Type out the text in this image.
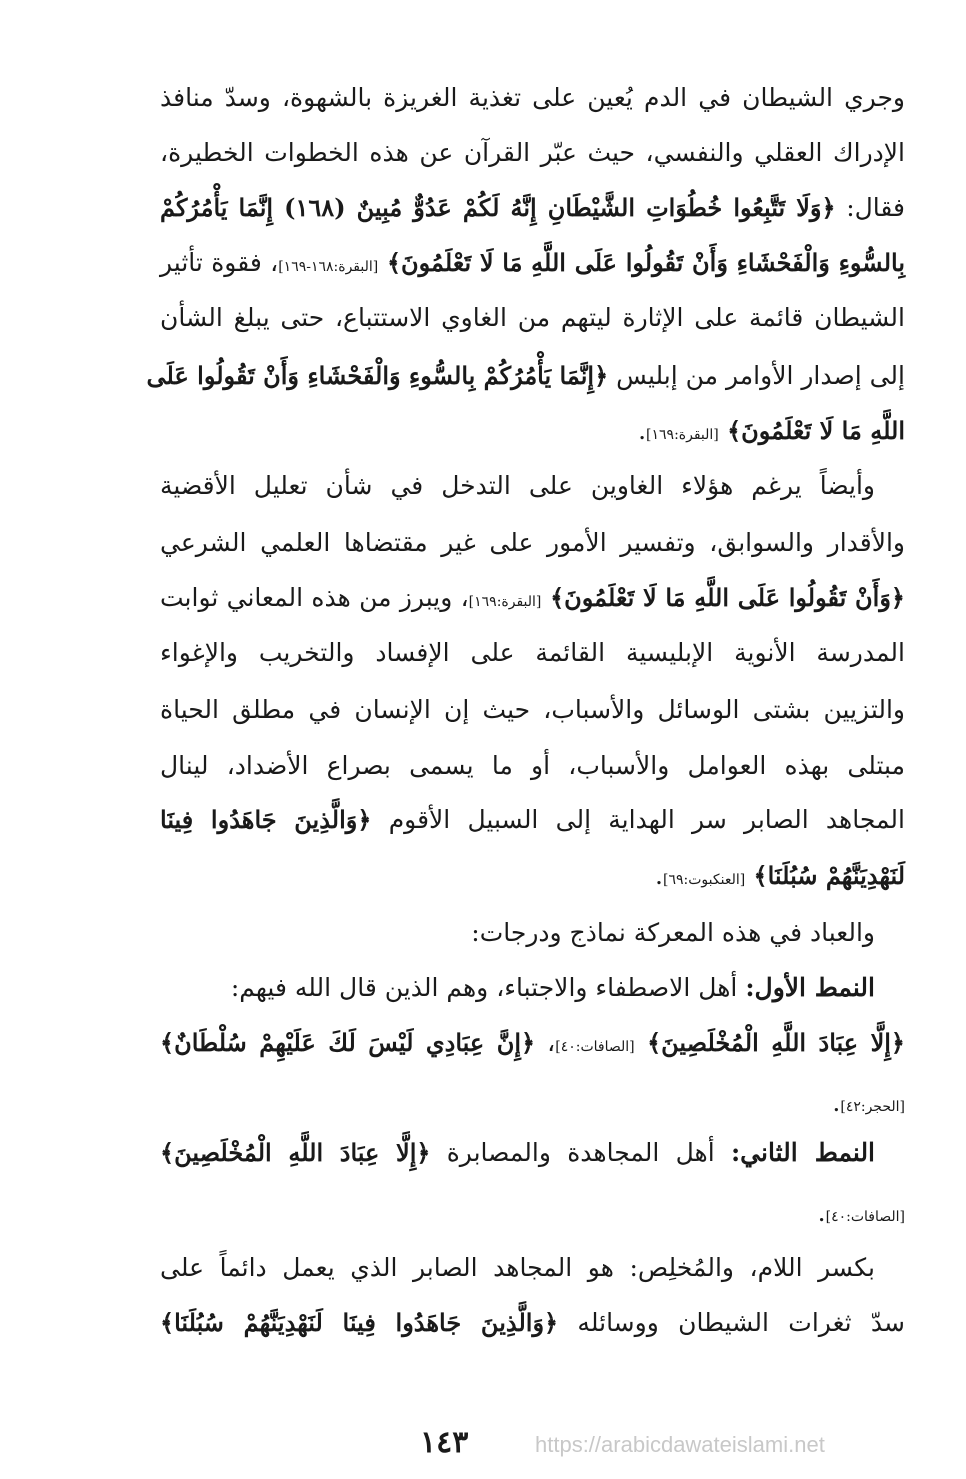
١٤٣	https://arabicdawateislami.net
وجري الشيطان في الدم يُعين على تغذية الغريزة بالشهوة، وسدّ منافذ
الإدراك العقلي والنفسي، حيث عبّر القرآن عن هذه الخطوات الخطيرة،
فقال: ﴿وَلَا تَتَّبِعُوا خُطُوَاتِ الشَّيْطَانِ إِنَّهُ لَكُمْ عَدُوٌّ مُبِينٌ (١٦٨) إِنَّمَا يَأْمُرُكُمْ
بِالسُّوءِ وَالْفَحْشَاءِ وَأَنْ تَقُولُوا عَلَى اللَّهِ مَا لَا تَعْلَمُونَ﴾ [البقرة:١٦٨-١٦٩]، فقوة تأثير
الشيطان قائمة على الإثارة ليتهم من الغاوي الاستتباع، حتى يبلغ الشأن
إلى إصدار الأوامر من إبليس ﴿إِنَّمَا يَأْمُرُكُمْ بِالسُّوءِ وَالْفَحْشَاءِ وَأَنْ تَقُولُوا عَلَى
اللَّهِ مَا لَا تَعْلَمُونَ﴾ [البقرة:١٦٩].
وأيضاً يرغم هؤلاء الغاوين على التدخل في شأن تعليل الأقضية
والأقدار والسوابق، وتفسير الأمور على غير مقتضاها العلمي الشرعي
﴿وَأَنْ تَقُولُوا عَلَى اللَّهِ مَا لَا تَعْلَمُونَ﴾ [البقرة:١٦٩]، ويبرز من هذه المعاني ثوابت
المدرسة الأنوية الإبليسية القائمة على الإفساد والتخريب والإغواء
والتزيين بشتى الوسائل والأسباب، حيث إن الإنسان في مطلق الحياة
مبتلى بهذه العوامل والأسباب، أو ما يسمى بصراع الأضداد، لينال
المجاهد الصابر سر الهداية إلى السبيل الأقوم ﴿وَالَّذِينَ جَاهَدُوا فِينَا
لَنَهْدِيَنَّهُمْ سُبُلَنَا﴾ [العنكبوت:٦٩].
والعباد في هذه المعركة نماذج ودرجات:
النمط الأول: أهل الاصطفاء والاجتباء، وهم الذين قال الله فيهم:
﴿إِلَّا عِبَادَ اللَّهِ الْمُخْلَصِينَ﴾ [الصافات:٤٠]، ﴿إِنَّ عِبَادِي لَيْسَ لَكَ عَلَيْهِمْ سُلْطَانٌ﴾
[الحجر:٤٢].
النمط الثاني: أهل المجاهدة والمصابرة ﴿إِلَّا عِبَادَ اللَّهِ الْمُخْلَصِينَ﴾
[الصافات:٤٠].
بكسر اللام، والمُخلِص: هو المجاهد الصابر الذي يعمل دائماً على
سدّ ثغرات الشيطان ووسائله ﴿وَالَّذِينَ جَاهَدُوا فِينَا لَنَهْدِيَنَّهُمْ سُبُلَنَا﴾
